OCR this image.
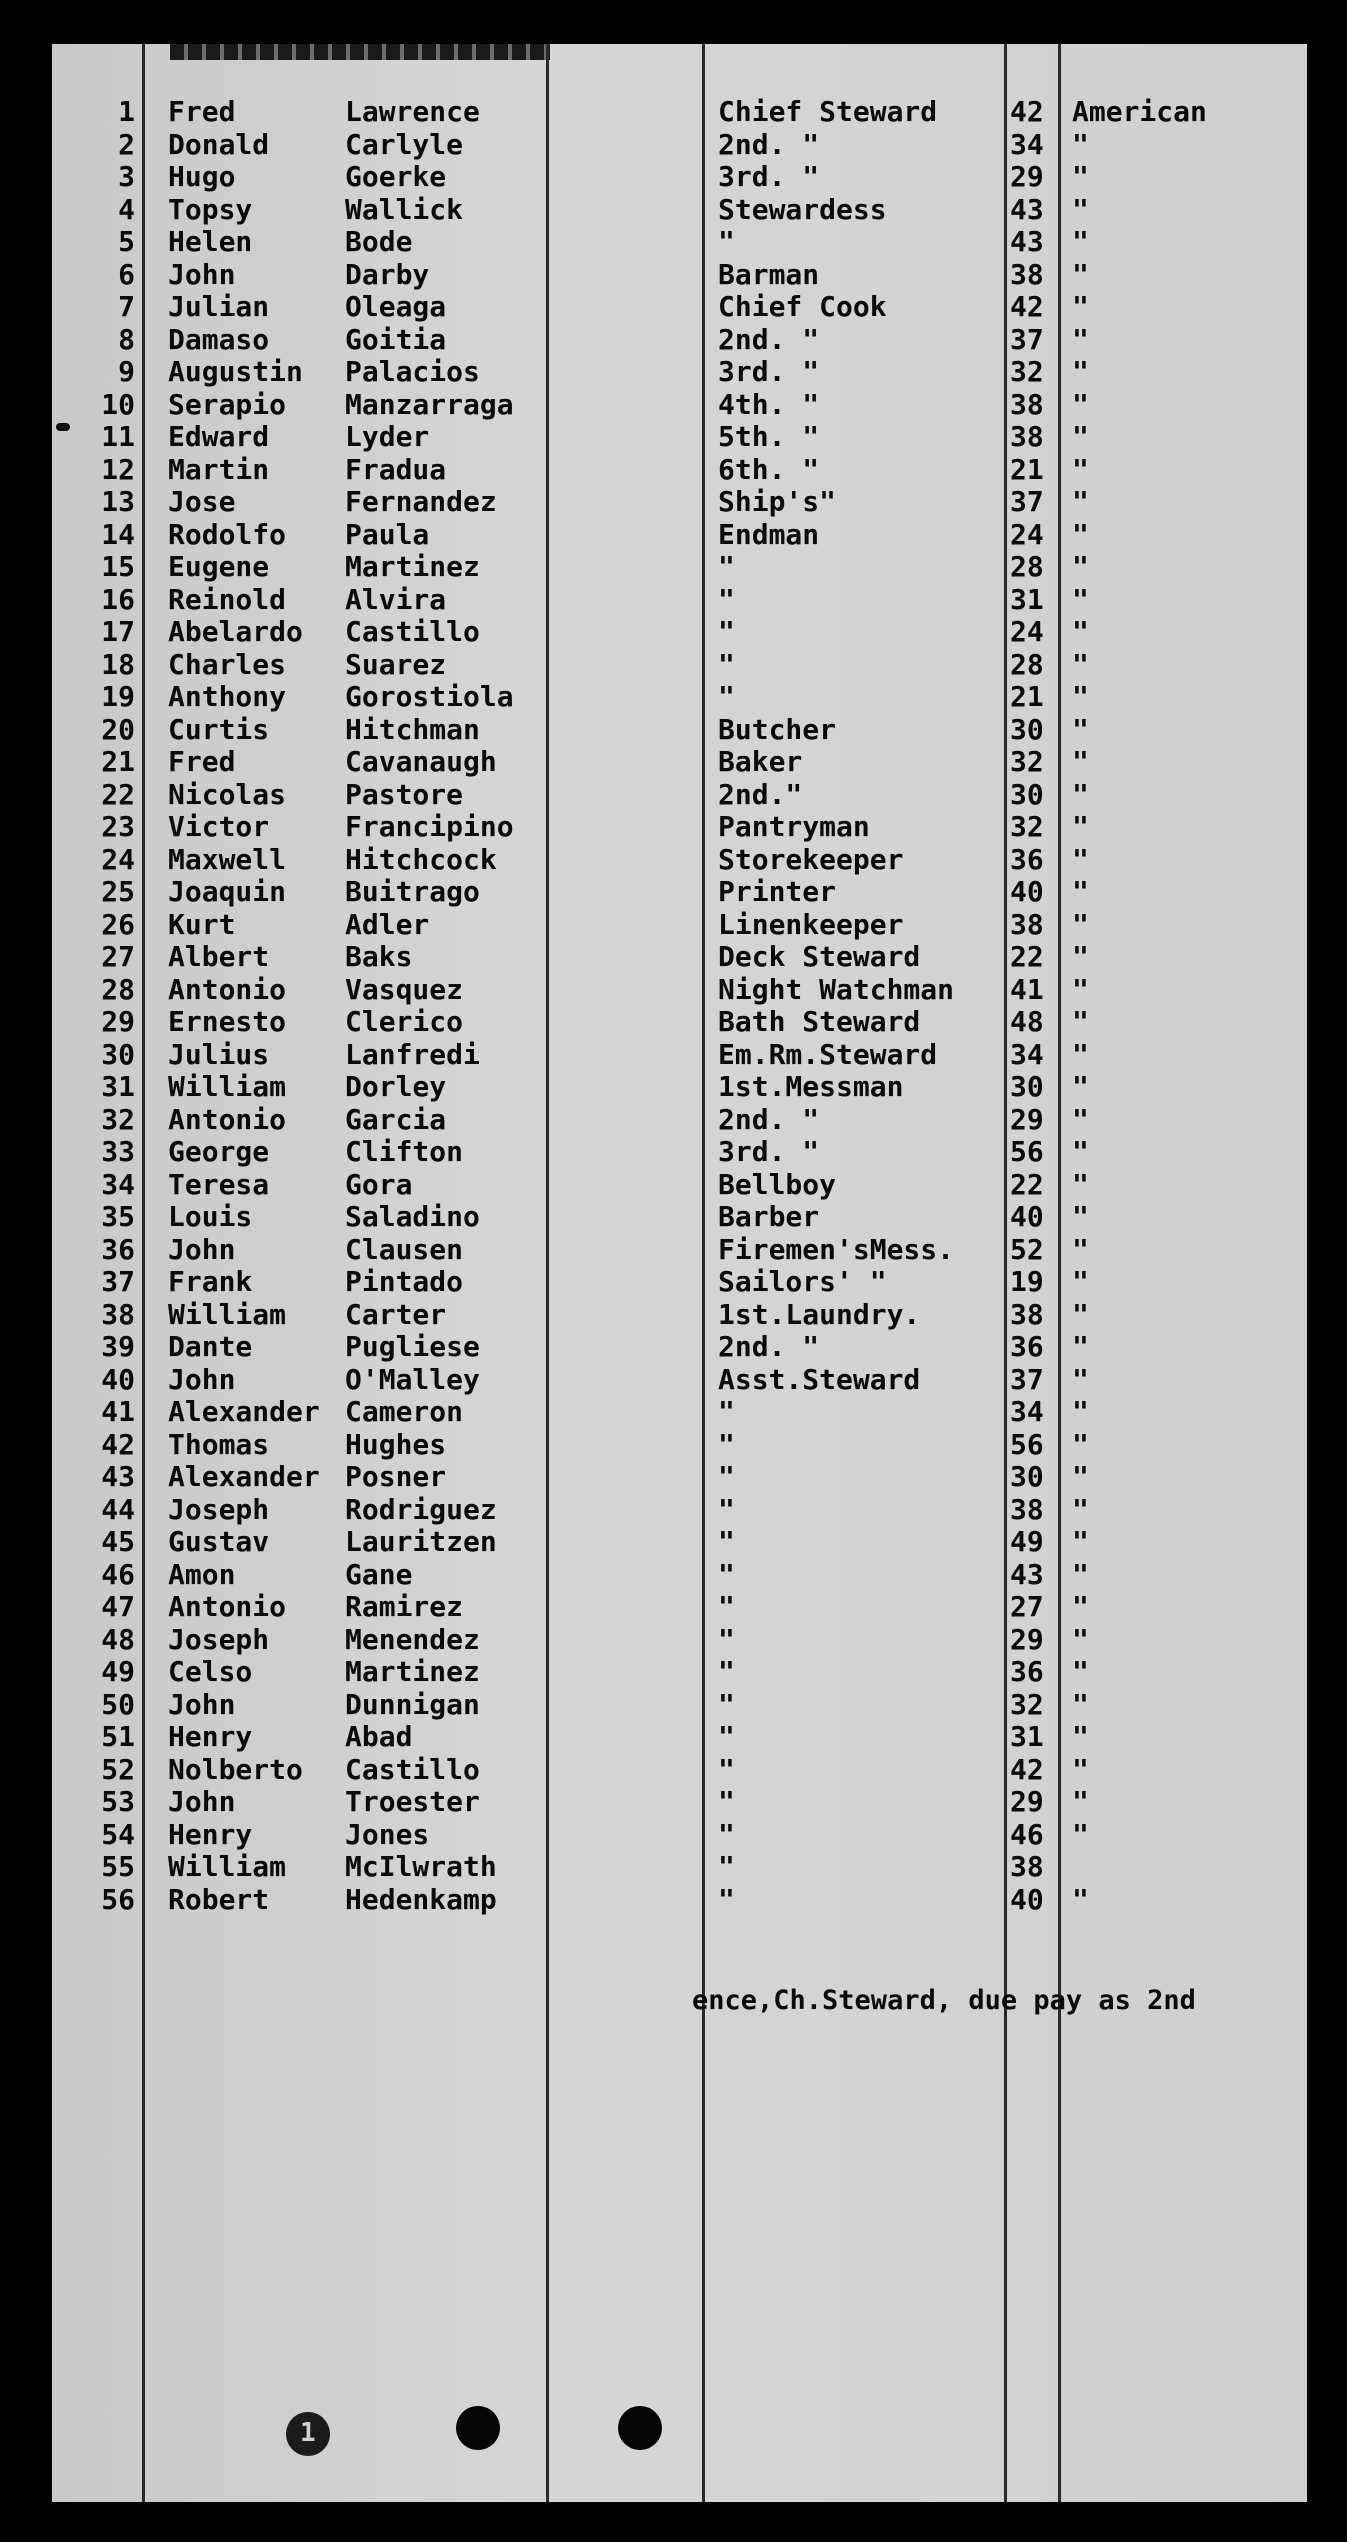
1 Fred	Lawrence	Chief Steward	42 American
2 Donald	Carlyle	2nd. "	34 "
3 Hugo	Goerke	3rd. "	29 "
4 Topsy	Wallick	Stewardess	43 "
5 Helen	Bode	"	43 "
6 John	Darby	Barman	38 "
7 Julian	Oleaga	Chief Cook	42 "
8 Damaso	Goitia	2nd. "	37 "
9 Augustin Palacios	3rd. "	32 "
10 Serapio Manzarraga	4th. "	38 "
11 Edward	Lyder	5th. "	38 "
12 Martin	Fradua	6th. "	21 "
13 Jose	Fernandez	Ship's"	37 "
14 Rodolfo Paula	Endman	24 "
15 Eugene	Martinez	"	28 "
16 Reinold Alvira	"	31 "
17 Abelardo Castillo	"	24 "
18 Charles Suarez	"	28 "
19 Anthony Gorostiola	"	21 "
20 Curtis	Hitchman	Butcher	30 "
21 Fred	Cavanaugh	Baker	32 "
22 Nicolas Pastore	2nd."	30 "
23 Victor	Francipino	Pantryman	32 "
24 Maxwell Hitchcock	Storekeeper	36 "
25 Joaquin Buitrago	Printer	40 "
26 Kurt	Adler	Linenkeeper	38 "
27 Albert	Baks	Deck Steward	22 "
28 Antonio Vasquez	Night Watchman 41 "
29 Ernesto Clerico	Bath Steward	48 "
30 Julius	Lanfredi	Em.Rm.Steward	34 "
31 William Dorley	1st.Messman	30 "
32 Antonio Garcia	2nd. "	29 "
33 George	Clifton	3rd. "	56 "
34 Teresa	Gora	Bellboy	22 "
35 Louis	Saladino	Barber	40 "
36 John	Clausen	Firemen'sMess. 52 "
37 Frank	Pintado	Sailors' "	19 "
38 William Carter	1st.Laundry.	38 "
39 Dante	Pugliese	2nd. "	36 "
40 John	O'Malley	Asst.Steward	37 "
41 Alexander Cameron	"	34 "
42 Thomas	Hughes	"	56 "
43 Alexander Posner	"	30 "
44 Joseph	Rodriguez	"	38 "
45 Gustav	Lauritzen	"	49 "
46 Amon	Gane	"	43 "
47 Antonio Ramirez	"	27 "
48 Joseph	Menendez	"	29 "
49 Celso	Martinez	"	36 "
50 John	Dunnigan	"	32 "
51 Henry	Abad	"	31 "
52 Nolberto Castillo	"	42 "
53 John	Troester	"	29 "
54 Henry	Jones	"	46 "
55 William McIlwrath	"	38
56 Robert	Hedenkamp	"	40 "
ence,Ch.Steward, due pay as 2nd
1
